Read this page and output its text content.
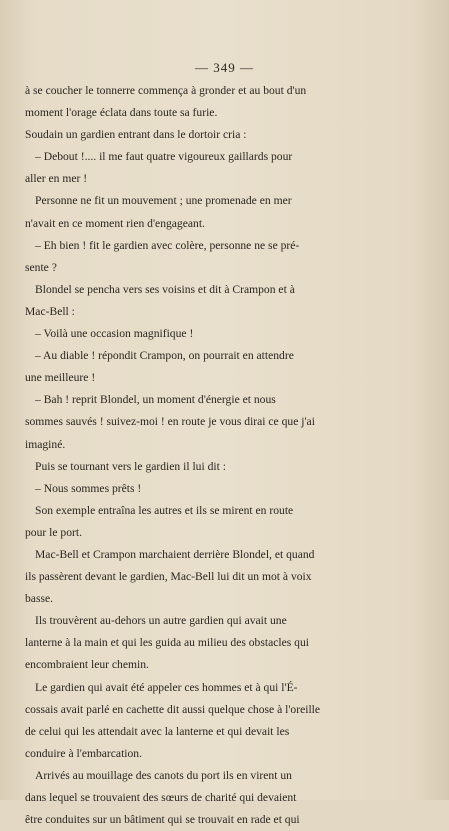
— 349 —
à se coucher le tonnerre commença à gronder et au bout d'un
moment l'orage éclata dans toute sa furie.
Soudain un gardien entrant dans le dortoir cria :
– Debout !.... il me faut quatre vigoureux gaillards pour
aller en mer !
Personne ne fit un mouvement ; une promenade en mer
n'avait en ce moment rien d'engageant.
– Eh bien ! fit le gardien avec colère, personne ne se pré-
sente ?
Blondel se pencha vers ses voisins et dit à Crampon et à
Mac-Bell :
– Voilà une occasion magnifique !
– Au diable ! répondit Crampon, on pourrait en attendre
une meilleure !
– Bah ! reprit Blondel, un moment d'énergie et nous
sommes sauvés ! suivez-moi ! en route je vous dirai ce que j'ai
imaginé.
Puis se tournant vers le gardien il lui dit :
– Nous sommes prêts !
Son exemple entraîna les autres et ils se mirent en route
pour le port.
Mac-Bell et Crampon marchaient derrière Blondel, et quand
ils passèrent devant le gardien, Mac-Bell lui dit un mot à voix
basse.
Ils trouvèrent au-dehors un autre gardien qui avait une
lanterne à la main et qui les guida au milieu des obstacles qui
encombraient leur chemin.
Le gardien qui avait été appeler ces hommes et à qui l'É-
cossais avait parlé en cachette dit aussi quelque chose à l'oreille
de celui qui les attendait avec la lanterne et qui devait les
conduire à l'embarcation.
Arrivés au mouillage des canots du port ils en virent un
dans lequel se trouvaient des sœurs de charité qui devaient
être conduites sur un bâtiment qui se trouvait en rade et qui
